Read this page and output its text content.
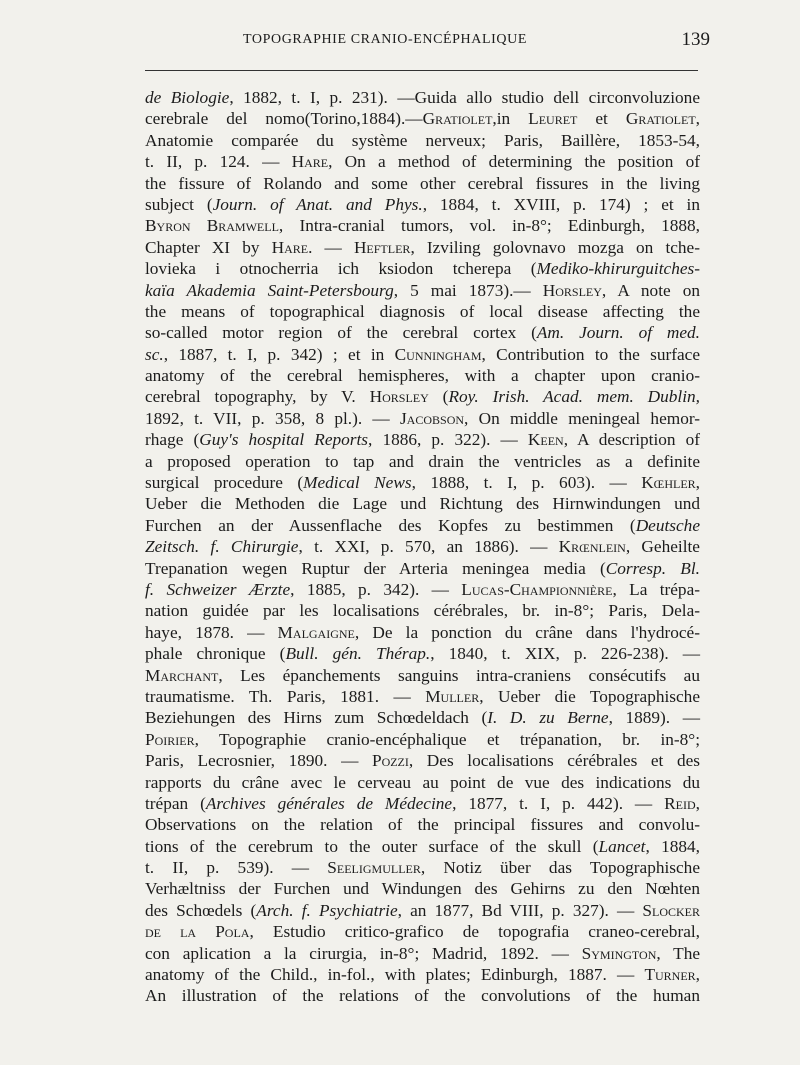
TOPOGRAPHIE CRANIO-ENCÉPHALIQUE	139
de Biologie, 1882, t. I, p. 231). —Guida allo studio dell circonvoluzione
cerebrale del nomo(Torino,1884).—Gratiolet,in Leuret et Gratiolet,
Anatomie comparée du système nerveux; Paris, Baillère, 1853-54,
t. II, p. 124. — Hare, On a method of determining the position of
the fissure of Rolando and some other cerebral fissures in the living
subject (Journ. of Anat. and Phys., 1884, t. XVIII, p. 174) ; et in
Byron Bramwell, Intra-cranial tumors, vol. in-8°; Edinburgh, 1888,
Chapter XI by Hare. — Heftler, Izviling golovnavo mozga on tche-
lovieka i otnocherria ich ksiodon tcherepa (Mediko-khirurguitches-
kaïa Akademia Saint-Petersbourg, 5 mai 1873).— Horsley, A note on
the means of topographical diagnosis of local disease affecting the
so-called motor region of the cerebral cortex (Am. Journ. of med.
sc., 1887, t. I, p. 342) ; et in Cunningham, Contribution to the surface
anatomy of the cerebral hemispheres, with a chapter upon cranio-
cerebral topography, by V. Horsley (Roy. Irish. Acad. mem. Dublin,
1892, t. VII, p. 358, 8 pl.). — Jacobson, On middle meningeal hemor-
rhage (Guy's hospital Reports, 1886, p. 322). — Keen, A description of
a proposed operation to tap and drain the ventricles as a definite
surgical procedure (Medical News, 1888, t. I, p. 603). — Kœhler,
Ueber die Methoden die Lage und Richtung des Hirnwindungen und
Furchen an der Aussenflache des Kopfes zu bestimmen (Deutsche
Zeitsch. f. Chirurgie, t. XXI, p. 570, an 1886). — Krœnlein, Geheilte
Trepanation wegen Ruptur der Arteria meningea media (Corresp. Bl.
f. Schweizer Ærzte, 1885, p. 342). — Lucas-Championnière, La trépa-
nation guidée par les localisations cérébrales, br. in-8°; Paris, Dela-
haye, 1878. — Malgaigne, De la ponction du crâne dans l'hydrocé-
phale chronique (Bull. gén. Thérap., 1840, t. XIX, p. 226-238). —
Marchant, Les épanchements sanguins intra-craniens consécutifs au
traumatisme. Th. Paris, 1881. — Muller, Ueber die Topographische
Beziehungen des Hirns zum Schœdeldach (I. D. zu Berne, 1889). —
Poirier, Topographie cranio-encéphalique et trépanation, br. in-8°;
Paris, Lecrosnier, 1890. — Pozzi, Des localisations cérébrales et des
rapports du crâne avec le cerveau au point de vue des indications du
trépan (Archives générales de Médecine, 1877, t. I, p. 442). — Reid,
Observations on the relation of the principal fissures and convolu-
tions of the cerebrum to the outer surface of the skull (Lancet, 1884,
t. II, p. 539). — Seeligmuller, Notiz über das Topographische
Verhæltniss der Furchen und Windungen des Gehirns zu den Nœhten
des Schœdels (Arch. f. Psychiatrie, an 1877, Bd VIII, p. 327). — Slocker
de la Pola, Estudio critico-grafico de topografia craneo-cerebral,
con aplication a la cirurgia, in-8°; Madrid, 1892. — Symington, The
anatomy of the Child., in-fol., with plates; Edinburgh, 1887. — Turner,
An illustration of the relations of the convolutions of the human
